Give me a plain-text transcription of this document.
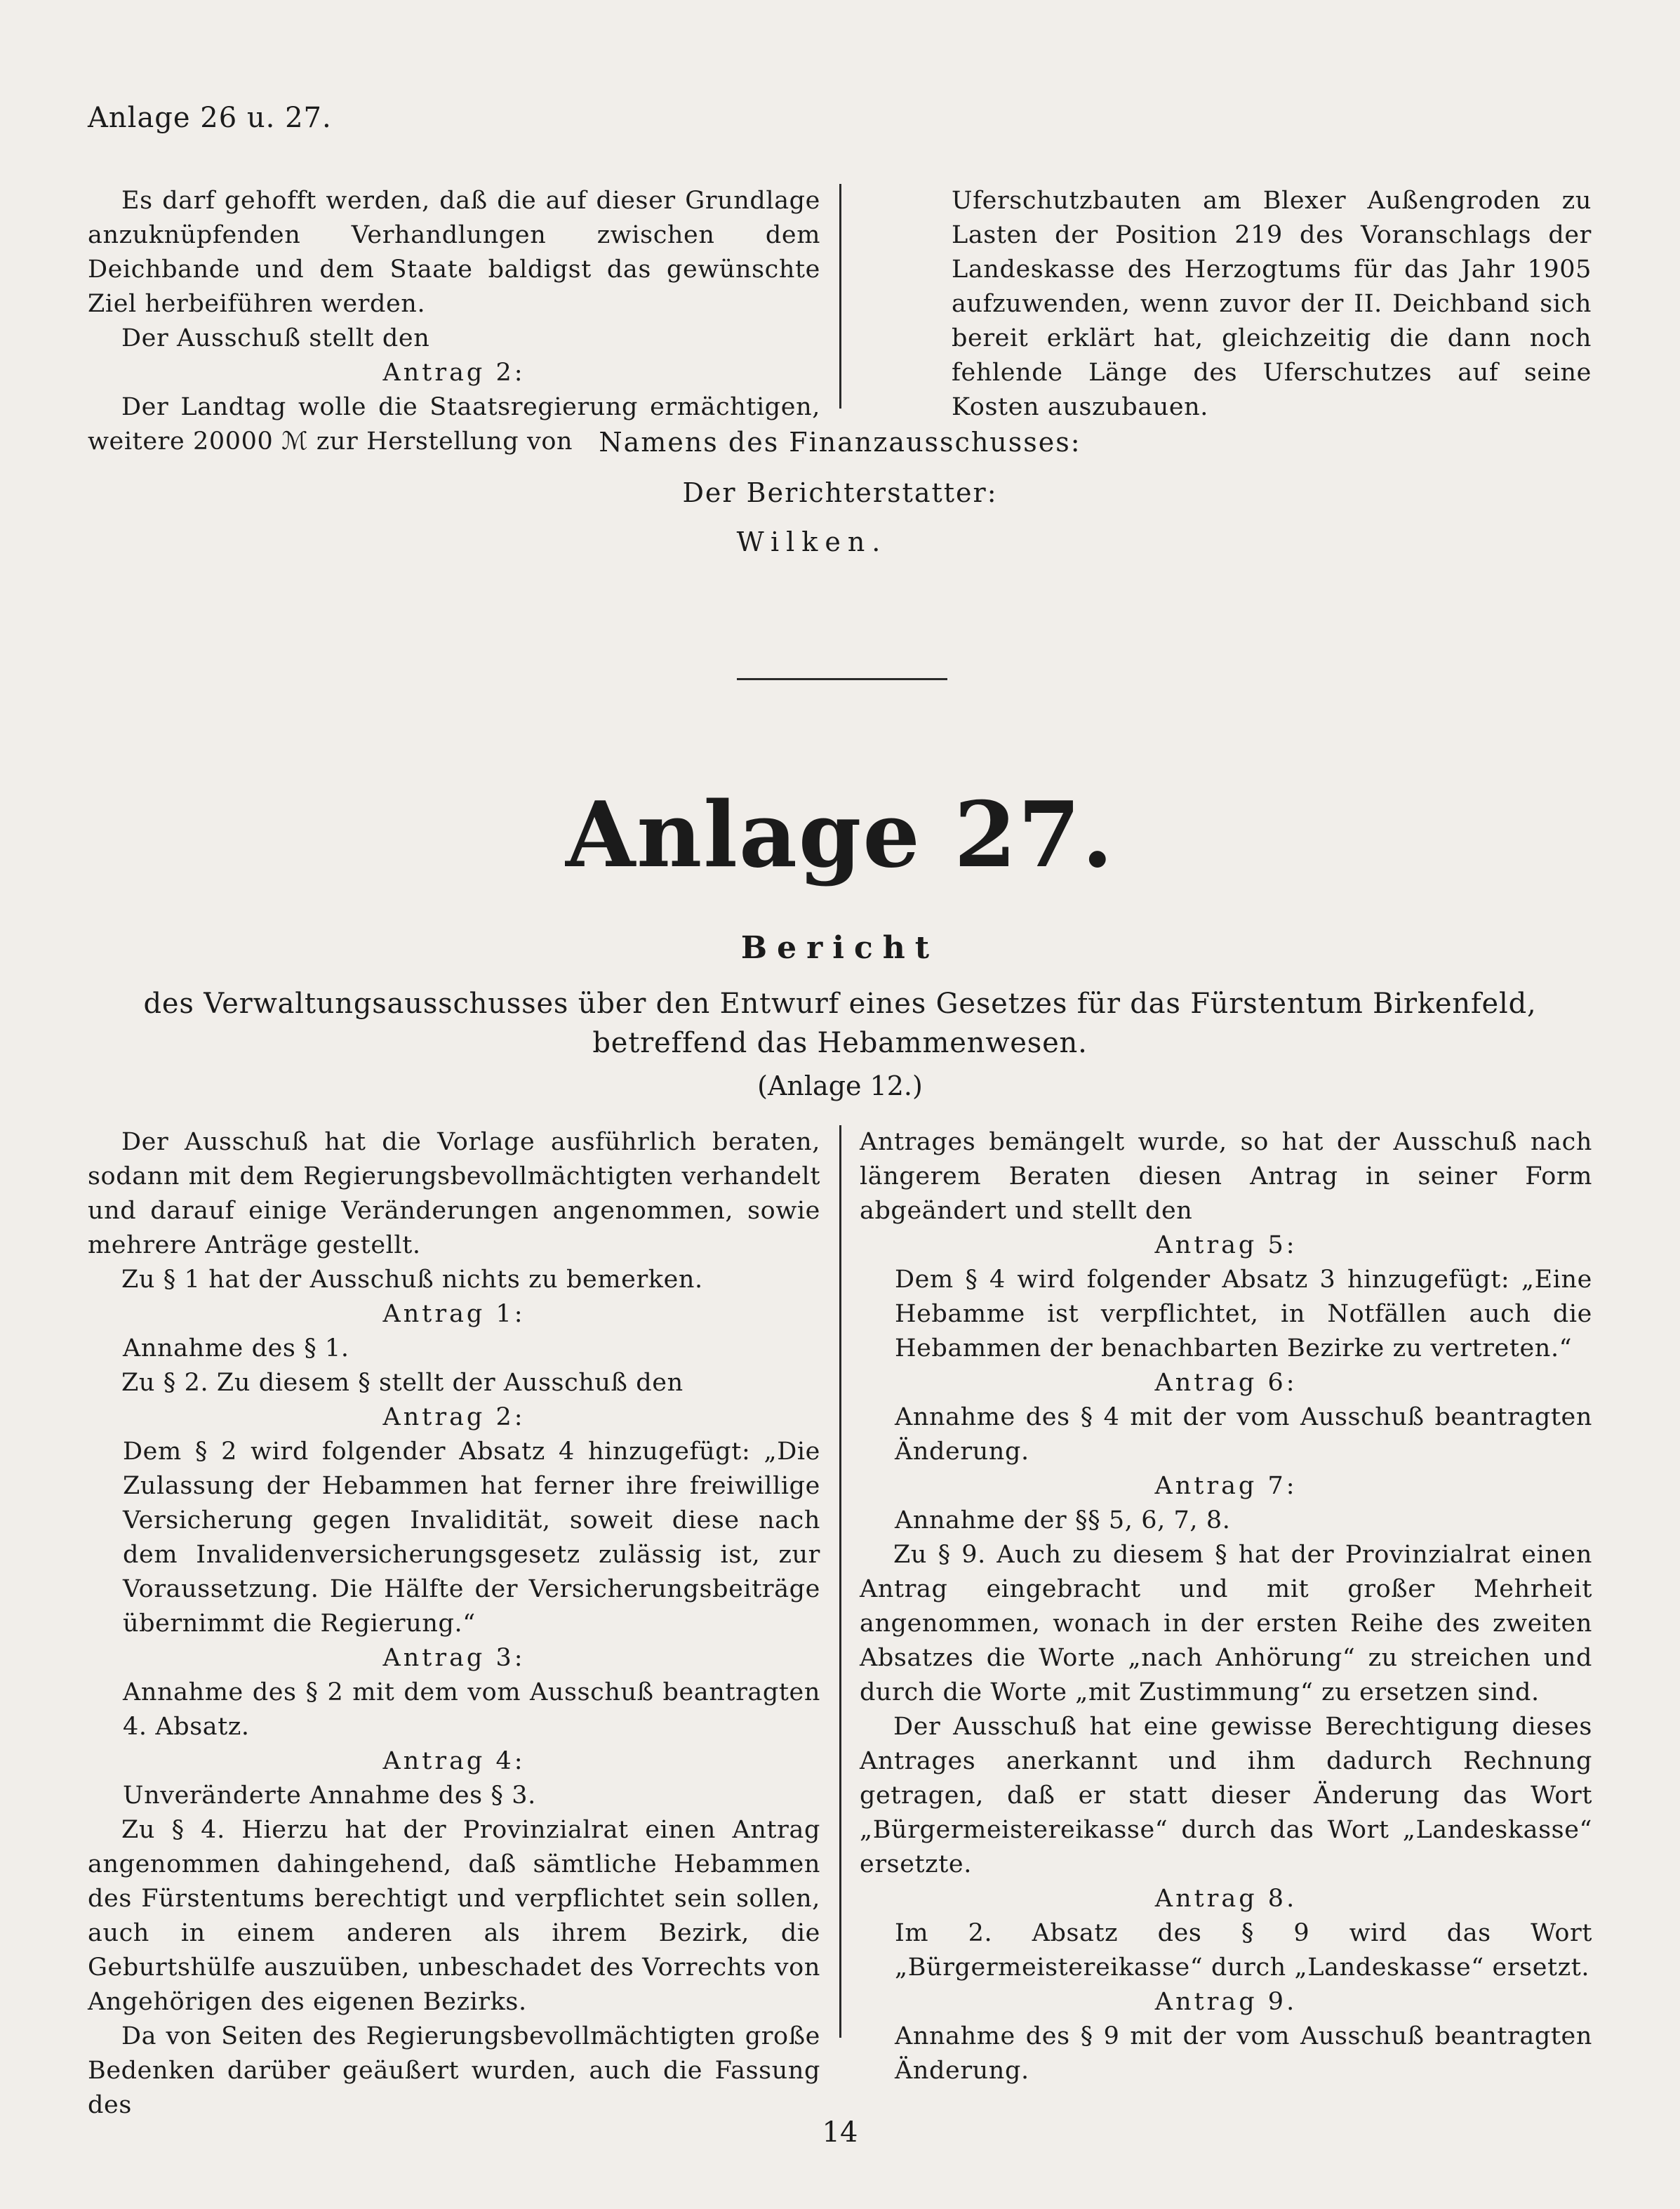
Anlage 26 u. 27.

Es darf gehofft werden, daß die auf dieser Grundlage anzuknüpfenden Verhandlungen zwischen dem Deichbande und dem Staate baldigst das gewünschte Ziel herbeiführen werden.

Der Ausschuß stellt den

Antrag 2:

Der Landtag wolle die Staatsregierung ermächtigen, weitere 20000 ℳ zur Herstellung von

Uferschutzbauten am Blexer Außengroden zu Lasten der Position 219 des Voranschlags der Landeskasse des Herzogtums für das Jahr 1905 aufzuwenden, wenn zuvor der II. Deichband sich bereit erklärt hat, gleichzeitig die dann noch fehlende Länge des Uferschutzes auf seine Kosten auszubauen.

Namens des Finanzausschusses:
Der Berichterstatter:
Wilken.
Anlage 27.
Bericht
des Verwaltungsausschusses über den Entwurf eines Gesetzes für das Fürstentum Birkenfeld, betreffend das Hebammenwesen.
(Anlage 12.)

Der Ausschuß hat die Vorlage ausführlich beraten, sodann mit dem Regierungsbevollmächtigten verhandelt und darauf einige Veränderungen angenommen, sowie mehrere Anträge gestellt.

Zu § 1 hat der Ausschuß nichts zu bemerken.

Antrag 1:

Annahme des § 1.

Zu § 2. Zu diesem § stellt der Ausschuß den

Antrag 2:

Dem § 2 wird folgender Absatz 4 hinzugefügt: „Die Zulassung der Hebammen hat ferner ihre freiwillige Versicherung gegen Invalidität, soweit diese nach dem Invalidenversicherungsgesetz zulässig ist, zur Voraussetzung. Die Hälfte der Versicherungsbeiträge übernimmt die Regierung.“

Antrag 3:

Annahme des § 2 mit dem vom Ausschuß beantragten 4. Absatz.

Antrag 4:

Unveränderte Annahme des § 3.

Zu § 4. Hierzu hat der Provinzialrat einen Antrag angenommen dahingehend, daß sämtliche Hebammen des Fürstentums berechtigt und verpflichtet sein sollen, auch in einem anderen als ihrem Bezirk, die Geburtshülfe auszuüben, unbeschadet des Vorrechts von Angehörigen des eigenen Bezirks.

Da von Seiten des Regierungsbevollmächtigten große Bedenken darüber geäußert wurden, auch die Fassung des

Antrages bemängelt wurde, so hat der Ausschuß nach längerem Beraten diesen Antrag in seiner Form abgeändert und stellt den

Antrag 5:

Dem § 4 wird folgender Absatz 3 hinzugefügt: „Eine Hebamme ist verpflichtet, in Notfällen auch die Hebammen der benachbarten Bezirke zu vertreten.“

Antrag 6:

Annahme des § 4 mit der vom Ausschuß beantragten Änderung.

Antrag 7:

Annahme der §§ 5, 6, 7, 8.

Zu § 9. Auch zu diesem § hat der Provinzialrat einen Antrag eingebracht und mit großer Mehrheit angenommen, wonach in der ersten Reihe des zweiten Absatzes die Worte „nach Anhörung“ zu streichen und durch die Worte „mit Zustimmung“ zu ersetzen sind.

Der Ausschuß hat eine gewisse Berechtigung dieses Antrages anerkannt und ihm dadurch Rechnung getragen, daß er statt dieser Änderung das Wort „Bürgermeistereikasse“ durch das Wort „Landeskasse“ ersetzte.

Antrag 8.

Im 2. Absatz des § 9 wird das Wort „Bürgermeistereikasse“ durch „Landeskasse“ ersetzt.

Antrag 9.

Annahme des § 9 mit der vom Ausschuß beantragten Änderung.

14
